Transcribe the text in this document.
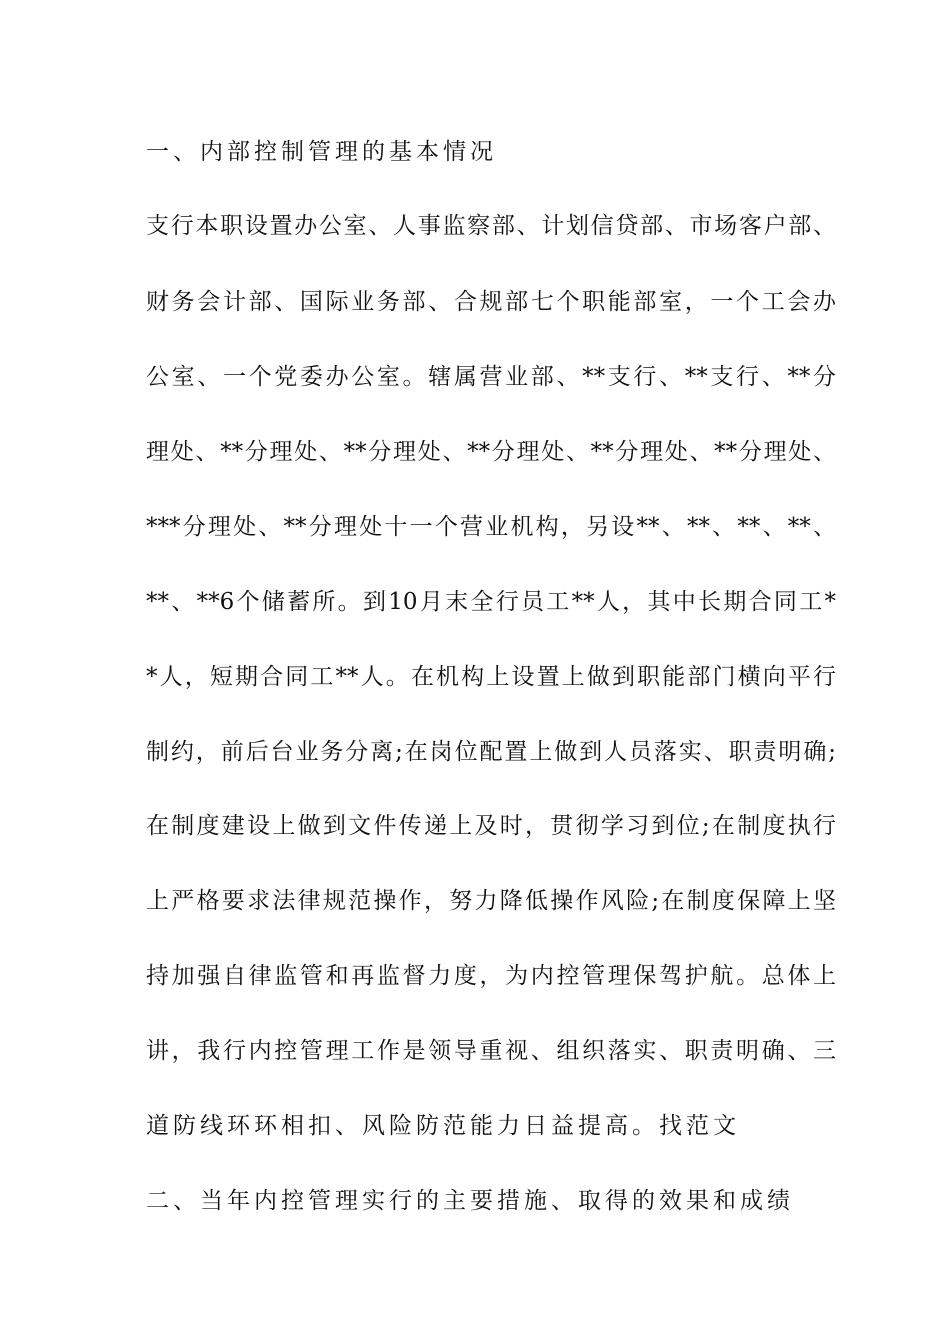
一、内部控制管理的基本情况
支行本职设置办公室、人事监察部、计划信贷部、市场客户部、
财务会计部、国际业务部、合规部七个职能部室，一个工会办
公室、一个党委办公室。辖属营业部、**支行、**支行、**分
理处、**分理处、**分理处、**分理处、**分理处、**分理处、
***分理处、**分理处十一个营业机构，另设**、**、**、**、
**、**6个储蓄所。到10月末全行员工**人，其中长期合同工*
*人，短期合同工**人。在机构上设置上做到职能部门横向平行
制约，前后台业务分离;在岗位配置上做到人员落实、职责明确;
在制度建设上做到文件传递上及时，贯彻学习到位;在制度执行
上严格要求法律规范操作，努力降低操作风险;在制度保障上坚
持加强自律监管和再监督力度，为内控管理保驾护航。总体上
讲，我行内控管理工作是领导重视、组织落实、职责明确、三
道防线环环相扣、风险防范能力日益提高。找范文
二、当年内控管理实行的主要措施、取得的效果和成绩
